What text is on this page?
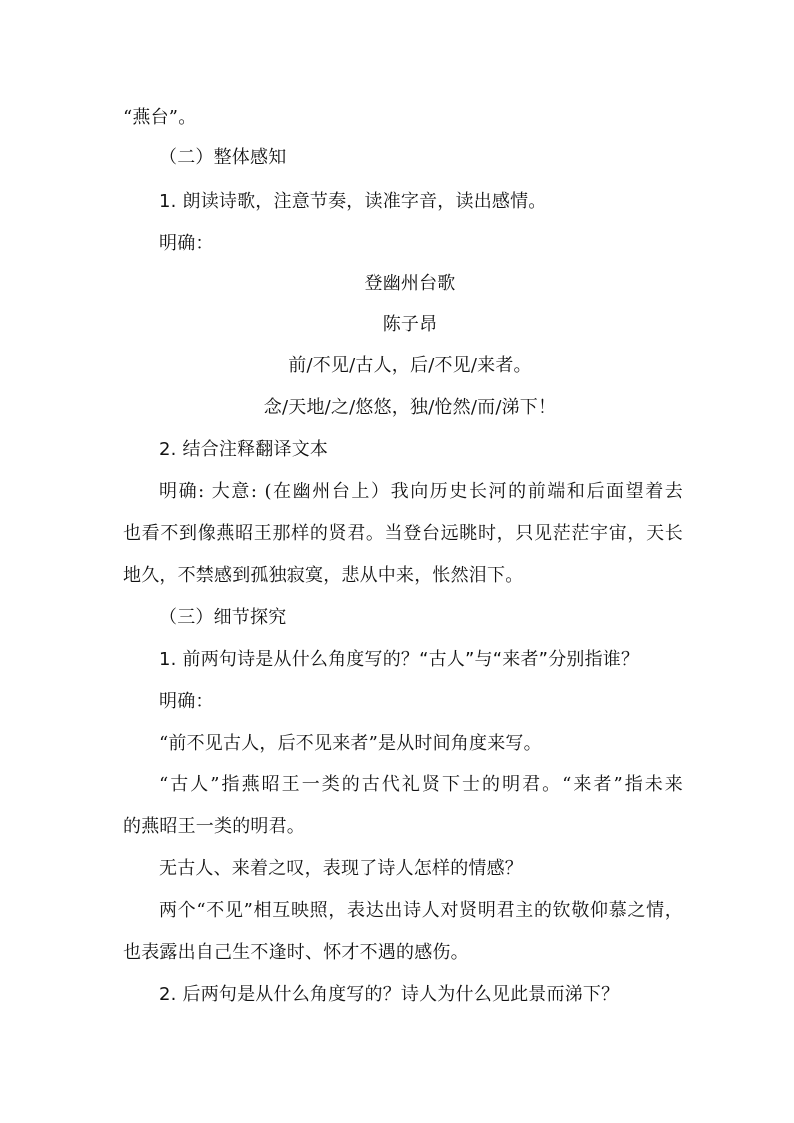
“燕台”。
（二）整体感知
1. 朗读诗歌，注意节奏，读准字音，读出感情。
明确：
登幽州台歌
陈子昂
前/不见/古人，后/不见/来者。
念/天地/之/悠悠，独/怆然/而/涕下！
2. 结合注释翻译文本
明确: 大意: (在幽州台上）我向历史长河的前端和后面望着去
也看不到像燕昭王那样的贤君。当登台远眺时，只见茫茫宇宙，天长
地久，不禁感到孤独寂寞，悲从中来，怅然泪下。
（三）细节探究
1. 前两句诗是从什么角度写的？“古人”与“来者”分别指谁？
明确：
“前不见古人，后不见来者”是从时间角度来写。
“古人”指燕昭王一类的古代礼贤下士的明君。“来者”指未来
的燕昭王一类的明君。
无古人、来着之叹，表现了诗人怎样的情感？
两个“不见”相互映照，表达出诗人对贤明君主的钦敬仰慕之情，
也表露出自己生不逢时、怀才不遇的感伤。
2. 后两句是从什么角度写的？诗人为什么见此景而涕下？
